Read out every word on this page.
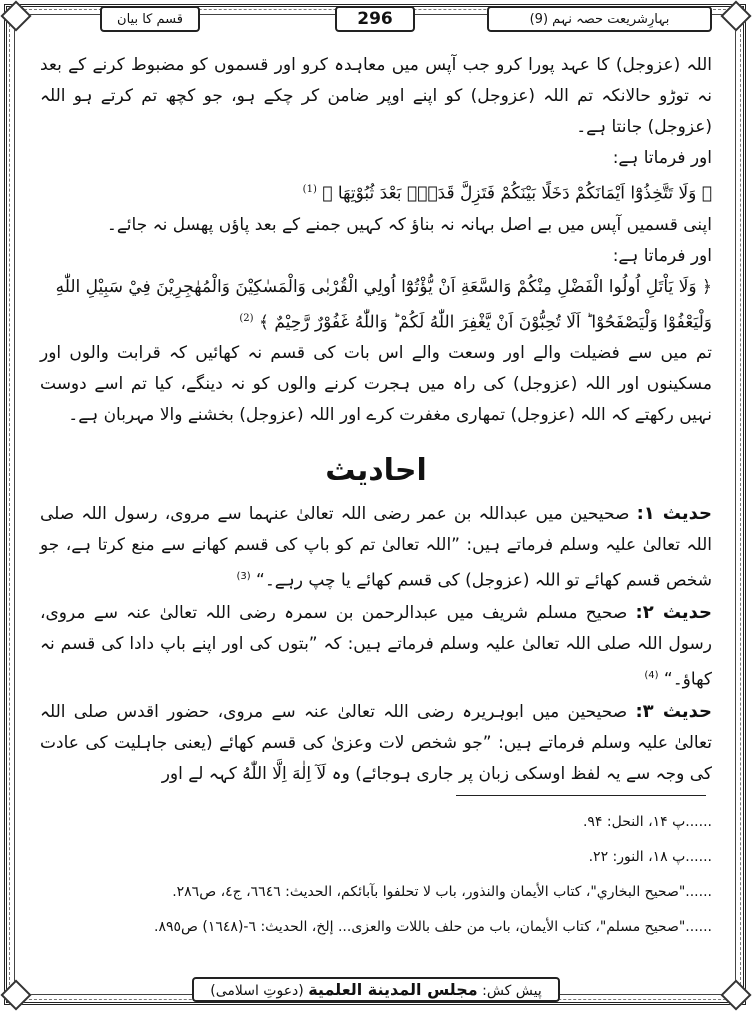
بہارِشریعت حصہ نہم (9)
296
قسم کا بیان

اللہ (عزوجل) کا عہد پورا کرو جب آپس میں معاہدہ کرو اور قسموں کو مضبوط کرنے کے بعد نہ توڑو حالانکہ تم اللہ (عزوجل) کو اپنے اوپر ضامن کر چکے ہو، جو کچھ تم کرتے ہو اللہ (عزوجل) جانتا ہے۔

اور فرماتا ہے:

﴿ وَلَا تَتَّخِذُوْٓا اَيْمَانَكُمْ دَخَلًا بَيْنَكُمْ فَتَزِلَّ قَدَمٌۢ بَعْدَ ثُبُوْتِهَا ﴾ $^{(1)}$

اپنی قسمیں آپس میں بے اصل بہانہ نہ بناؤ کہ کہیں جمنے کے بعد پاؤں پھسل نہ جائے۔

اور فرماتا ہے:

﴿ وَلَا يَاْتَلِ اُولُوا الْفَضْلِ مِنْكُمْ وَالسَّعَةِ اَنْ يُّؤْتُوْٓا اُولِي الْقُرْبٰى وَالْمَسٰكِيْنَ وَالْمُهٰجِرِيْنَ فِيْ سَبِيْلِ اللّٰهِ

وَلْيَعْفُوْا وَلْيَصْفَحُوْا ؕ اَلَا تُحِبُّوْنَ اَنْ يَّغْفِرَ اللّٰهُ لَكُمْ ؕ وَاللّٰهُ غَفُوْرٌ رَّحِيْمٌ ﴾ $^{(2)}$

تم میں سے فضیلت والے اور وسعت والے اس بات کی قسم نہ کھائیں کہ قرابت والوں اور مسکینوں اور اللہ (عزوجل) کی راہ میں ہجرت کرنے والوں کو نہ دینگے، کیا تم اسے دوست نہیں رکھتے کہ اللہ (عزوجل) تمھاری مغفرت کرے اور اللہ (عزوجل) بخشنے والا مہربان ہے۔

احادیث

حدیث ۱: صحیحین میں عبداللہ بن عمر رضی اللہ تعالیٰ عنہما سے مروی، رسول اللہ صلی اللہ تعالیٰ علیہ وسلم فرماتے ہیں: ”اللہ تعالیٰ تم کو باپ کی قسم کھانے سے منع کرتا ہے، جو شخص قسم کھائے تو اللہ (عزوجل) کی قسم کھائے یا چپ رہے۔“ $^{(3)}$

حدیث ۲: صحیح مسلم شریف میں عبدالرحمن بن سمرہ رضی اللہ تعالیٰ عنہ سے مروی، رسول اللہ صلی اللہ تعالیٰ علیہ وسلم فرماتے ہیں: کہ ”بتوں کی اور اپنے باپ دادا کی قسم نہ کھاؤ۔“ $^{(4)}$

حدیث ۳: صحیحین میں ابوہریرہ رضی اللہ تعالیٰ عنہ سے مروی، حضور اقدس صلی اللہ تعالیٰ علیہ وسلم فرماتے ہیں: ”جو شخص لات وعزیٰ کی قسم کھائے (یعنی جاہلیت کی عادت کی وجہ سے یہ لفظ اوسکی زبان پر جاری ہوجائے) وہ لَآ اِلٰهَ اِلَّا اللّٰهُ کہہ لے اور

......پ ۱۴، النحل: ۹۴.

......پ ۱۸، النور: ۲۲.

......"صحیح البخاري"، کتاب الأیمان والنذور، باب لا تحلفوا بآبائکم، الحدیث: ٦٦٤٦، ج٤، ص٢٨٦.

......"صحیح مسلم"، کتاب الأیمان، باب من حلف باللات والعزى... إلخ، الحدیث: ٦-(١٦٤٨) ص٨٩٥.

پیش کش: مجلس المدینة العلمیة (دعوتِ اسلامی)
